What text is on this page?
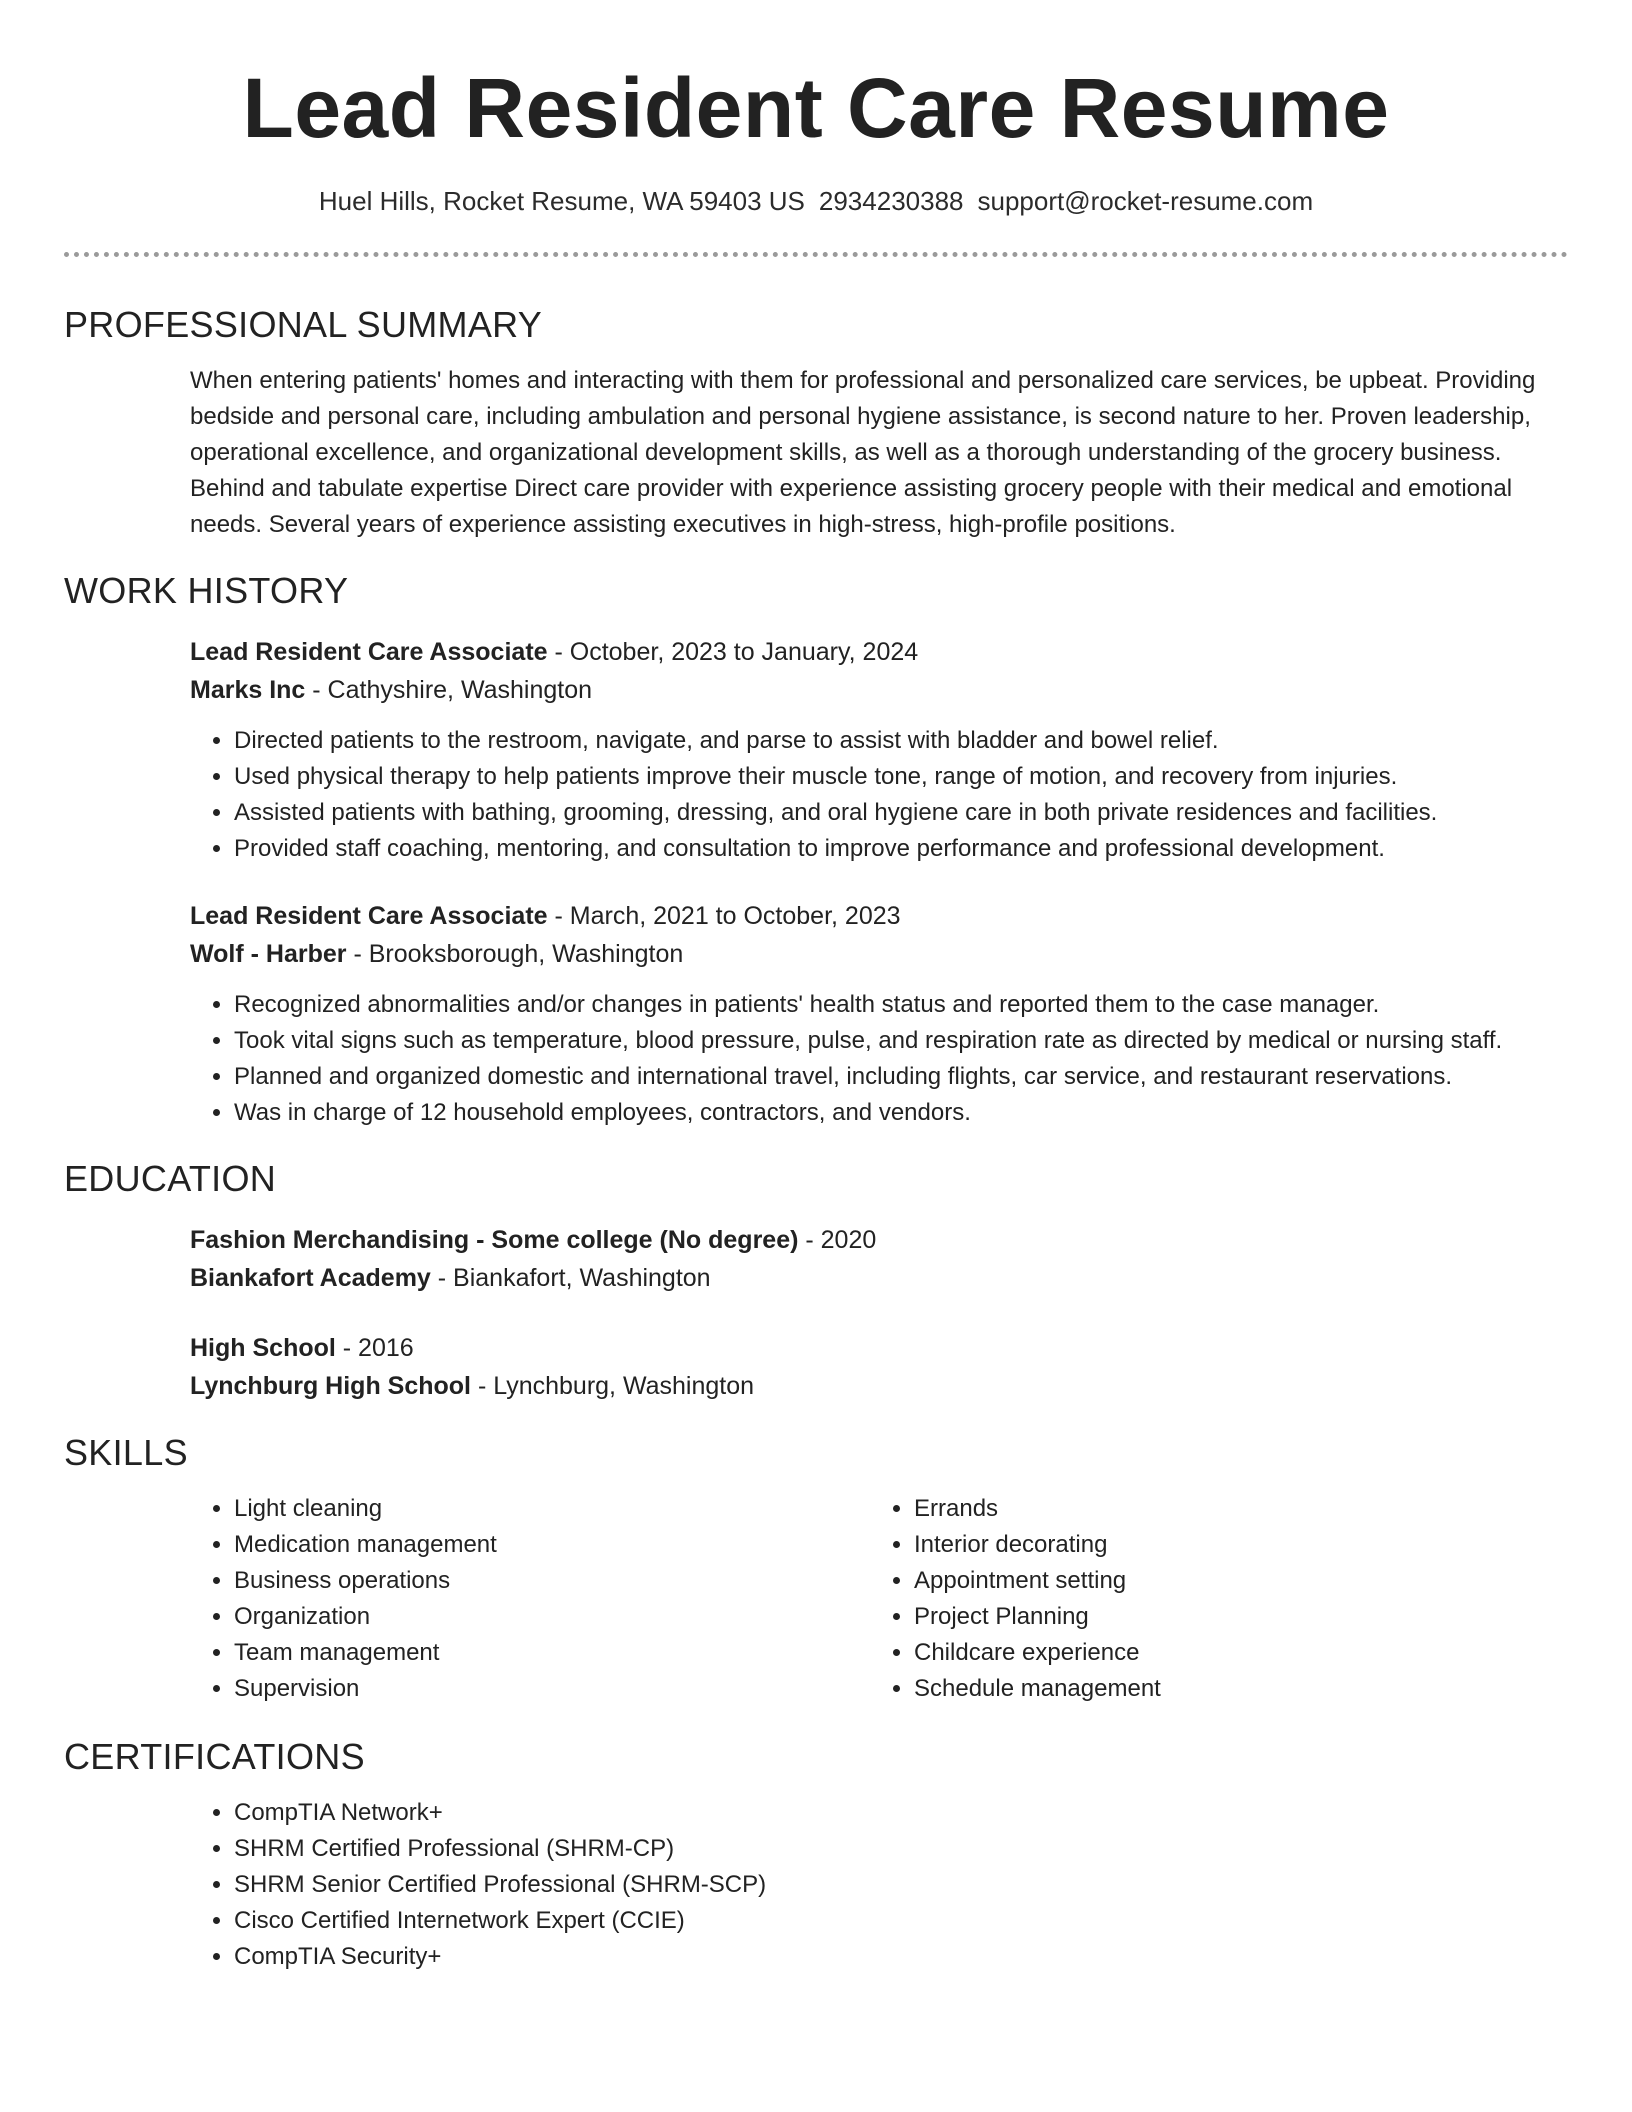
Lead Resident Care Resume
Huel Hills, Rocket Resume, WA 59403 US 2934230388 support@rocket-resume.com
PROFESSIONAL SUMMARY

When entering patients' homes and interacting with them for professional and personalized care services, be upbeat. Providing bedside and personal care, including ambulation and personal hygiene assistance, is second nature to her. Proven leadership, operational excellence, and organizational development skills, as well as a thorough understanding of the grocery business. Behind and tabulate expertise Direct care provider with experience assisting grocery people with their medical and emotional needs. Several years of experience assisting executives in high-stress, high-profile positions.

WORK HISTORY
Lead Resident Care Associate - October, 2023 to January, 2024
Marks Inc - Cathyshire, Washington
• Directed patients to the restroom, navigate, and parse to assist with bladder and bowel relief.
• Used physical therapy to help patients improve their muscle tone, range of motion, and recovery from injuries.
• Assisted patients with bathing, grooming, dressing, and oral hygiene care in both private residences and facilities.
• Provided staff coaching, mentoring, and consultation to improve performance and professional development.
Lead Resident Care Associate - March, 2021 to October, 2023
Wolf - Harber - Brooksborough, Washington
• Recognized abnormalities and/or changes in patients' health status and reported them to the case manager.
• Took vital signs such as temperature, blood pressure, pulse, and respiration rate as directed by medical or nursing staff.
• Planned and organized domestic and international travel, including flights, car service, and restaurant reservations.
• Was in charge of 12 household employees, contractors, and vendors.
EDUCATION
Fashion Merchandising - Some college (No degree) - 2020
Biankafort Academy - Biankafort, Washington
High School - 2016
Lynchburg High School - Lynchburg, Washington
SKILLS
• Light cleaning
• Medication management
• Business operations
• Organization
• Team management
• Supervision
• Errands
• Interior decorating
• Appointment setting
• Project Planning
• Childcare experience
• Schedule management
CERTIFICATIONS
• CompTIA Network+
• SHRM Certified Professional (SHRM-CP)
• SHRM Senior Certified Professional (SHRM-SCP)
• Cisco Certified Internetwork Expert (CCIE)
• CompTIA Security+
